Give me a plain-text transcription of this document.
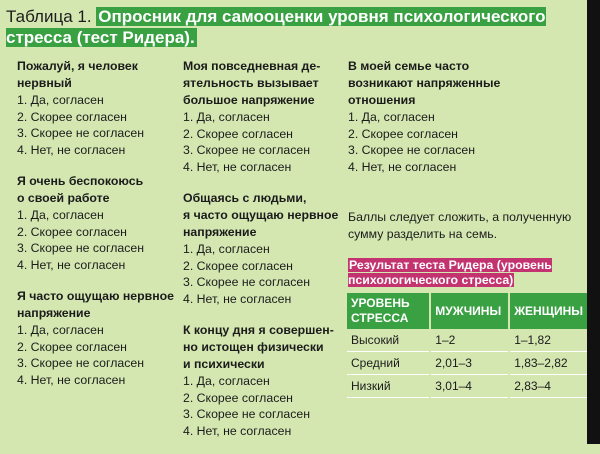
Таблица 1. Опросник для самооценки уровня психологического стресса (тест Ридера).
Пожалуй, я человек
нервный
1. Да, согласен
2. Скорее согласен
3. Скорее не согласен
4. Нет, не согласен
Я очень беспокоюсь
о своей работе
1. Да, согласен
2. Скорее согласен
3. Скорее не согласен
4. Нет, не согласен
Я часто ощущаю нервное
напряжение
1. Да, согласен
2. Скорее согласен
3. Скорее не согласен
4. Нет, не согласен
Моя повседневная де-
ятельность вызывает
большое напряжение
1. Да, согласен
2. Скорее согласен
3. Скорее не согласен
4. Нет, не согласен
Общаясь с людьми,
я часто ощущаю нервное
напряжение
1. Да, согласен
2. Скорее согласен
3. Скорее не согласен
4. Нет, не согласен
К концу дня я совершен-
но истощен физически
и психически
1. Да, согласен
2. Скорее согласен
3. Скорее не согласен
4. Нет, не согласен
В моей семье часто
возникают напряженные
отношения
1. Да, согласен
2. Скорее согласен
3. Скорее не согласен
4. Нет, не согласен
Баллы следует сложить, а полученную сумму разделить на семь.
Результат теста Ридера (уровень психологического стресса)
УРОВЕНЬ СТРЕССА	МУЖЧИНЫ	ЖЕНЩИНЫ
Высокий	1–2	1–1,82
Средний	2,01–3	1,83–2,82
Низкий	3,01–4	2,83–4
